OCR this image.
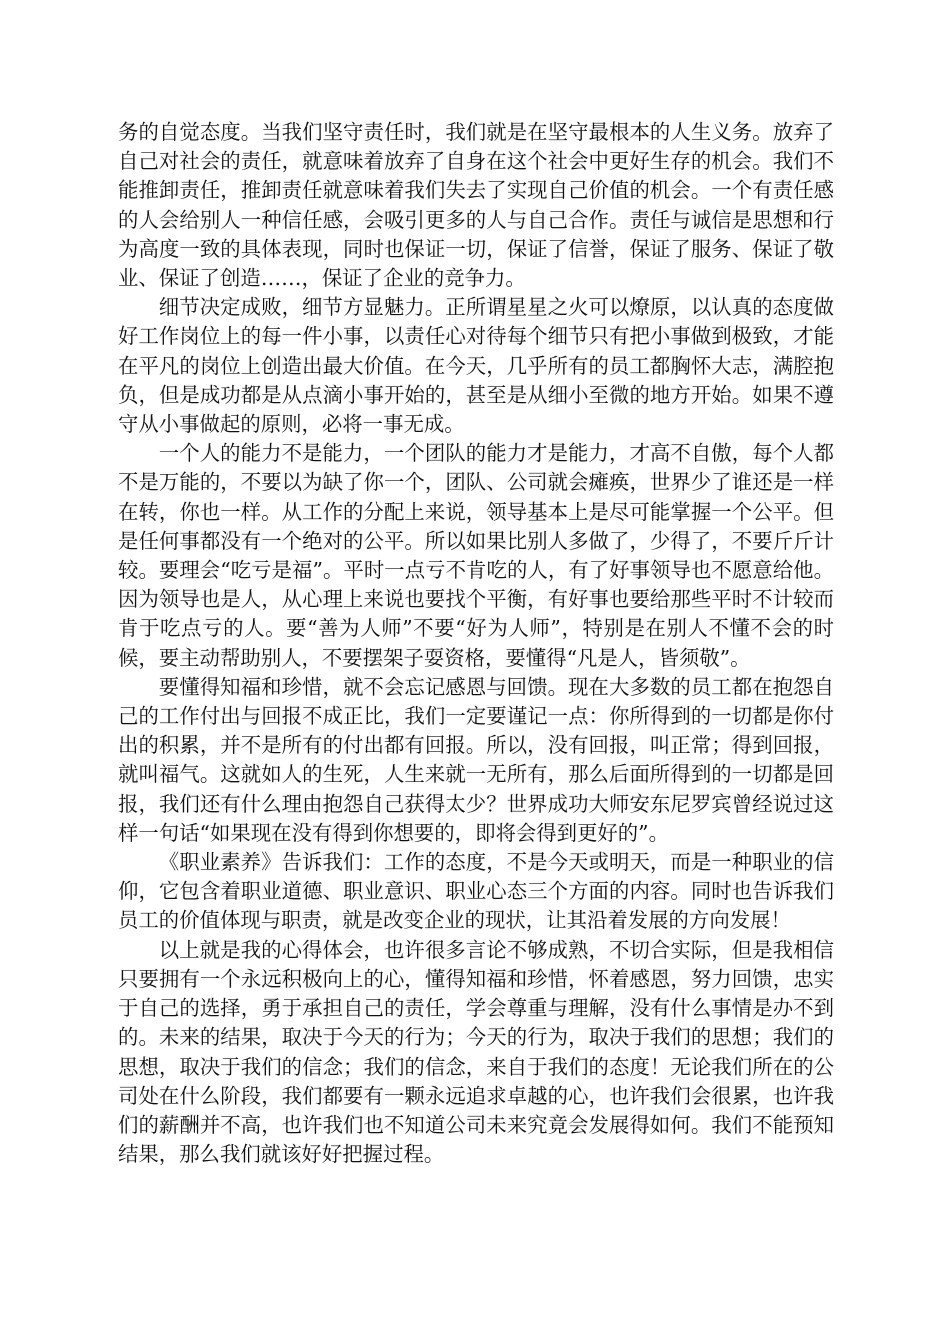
务的自觉态度。当我们坚守责任时，我们就是在坚守最根本的人生义务。放弃了自己对社会的责任，就意味着放弃了自身在这个社会中更好生存的机会。我们不能推卸责任，推卸责任就意味着我们失去了实现自己价值的机会。一个有责任感的人会给别人一种信任感，会吸引更多的人与自己合作。责任与诚信是思想和行为高度一致的具体表现，同时也保证一切，保证了信誉，保证了服务、保证了敬业、保证了创造……，保证了企业的竞争力。

细节决定成败，细节方显魅力。正所谓星星之火可以燎原，以认真的态度做好工作岗位上的每一件小事，以责任心对待每个细节只有把小事做到极致，才能在平凡的岗位上创造出最大价值。在今天，几乎所有的员工都胸怀大志，满腔抱负，但是成功都是从点滴小事开始的，甚至是从细小至微的地方开始。如果不遵守从小事做起的原则，必将一事无成。

一个人的能力不是能力，一个团队的能力才是能力，才高不自傲，每个人都不是万能的，不要以为缺了你一个，团队、公司就会瘫痪，世界少了谁还是一样在转，你也一样。从工作的分配上来说，领导基本上是尽可能掌握一个公平。但是任何事都没有一个绝对的公平。所以如果比别人多做了，少得了，不要斤斤计较。要理会“吃亏是福”。平时一点亏不肯吃的人，有了好事领导也不愿意给他。因为领导也是人，从心理上来说也要找个平衡，有好事也要给那些平时不计较而肯于吃点亏的人。要“善为人师”不要“好为人师”，特别是在别人不懂不会的时候，要主动帮助别人，不要摆架子耍资格，要懂得“凡是人，皆须敬”。

要懂得知福和珍惜，就不会忘记感恩与回馈。现在大多数的员工都在抱怨自己的工作付出与回报不成正比，我们一定要谨记一点：你所得到的一切都是你付出的积累，并不是所有的付出都有回报。所以，没有回报，叫正常；得到回报，就叫福气。这就如人的生死，人生来就一无所有，那么后面所得到的一切都是回报，我们还有什么理由抱怨自己获得太少？世界成功大师安东尼罗宾曾经说过这样一句话“如果现在没有得到你想要的，即将会得到更好的”。

《职业素养》告诉我们：工作的态度，不是今天或明天，而是一种职业的信仰，它包含着职业道德、职业意识、职业心态三个方面的内容。同时也告诉我们员工的价值体现与职责，就是改变企业的现状，让其沿着发展的方向发展！

以上就是我的心得体会，也许很多言论不够成熟，不切合实际，但是我相信只要拥有一个永远积极向上的心，懂得知福和珍惜，怀着感恩，努力回馈，忠实于自己的选择，勇于承担自己的责任，学会尊重与理解，没有什么事情是办不到的。未来的结果，取决于今天的行为；今天的行为，取决于我们的思想；我们的思想，取决于我们的信念；我们的信念，来自于我们的态度！无论我们所在的公司处在什么阶段，我们都要有一颗永远追求卓越的心，也许我们会很累，也许我们的薪酬并不高，也许我们也不知道公司未来究竟会发展得如何。我们不能预知结果，那么我们就该好好把握过程。
